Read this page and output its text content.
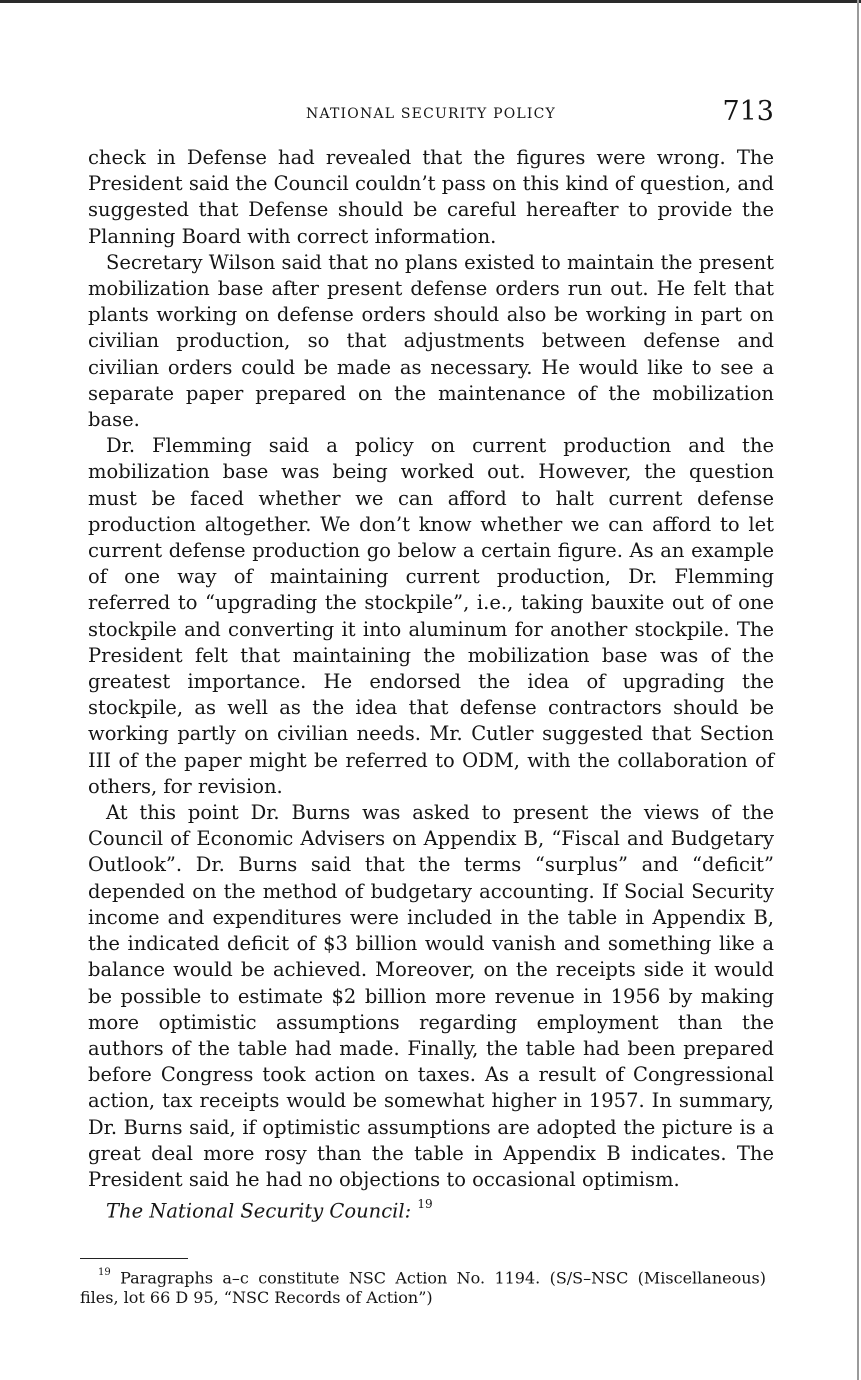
NATIONAL SECURITY POLICY	713

check in Defense had revealed that the figures were wrong. The President said the Council couldn’t pass on this kind of question, and suggested that Defense should be careful hereafter to provide the Planning Board with correct information.

Secretary Wilson said that no plans existed to maintain the present mobilization base after present defense orders run out. He felt that plants working on defense orders should also be working in part on civilian production, so that adjustments between defense and civilian orders could be made as necessary. He would like to see a separate paper prepared on the maintenance of the mobilization base.

Dr. Flemming said a policy on current production and the mobilization base was being worked out. However, the question must be faced whether we can afford to halt current defense production altogether. We don’t know whether we can afford to let current defense production go below a certain figure. As an example of one way of maintaining current production, Dr. Flemming referred to “upgrading the stockpile”, i.e., taking bauxite out of one stockpile and converting it into aluminum for another stockpile. The President felt that maintaining the mobilization base was of the greatest importance. He endorsed the idea of upgrading the stockpile, as well as the idea that defense contractors should be working partly on civilian needs. Mr. Cutler suggested that Section III of the paper might be referred to ODM, with the collaboration of others, for revision.

At this point Dr. Burns was asked to present the views of the Council of Economic Advisers on Appendix B, “Fiscal and Budgetary Outlook”. Dr. Burns said that the terms “surplus” and “deficit” depended on the method of budgetary accounting. If Social Security income and expenditures were included in the table in Appendix B, the indicated deficit of $3 billion would vanish and something like a balance would be achieved. Moreover, on the receipts side it would be possible to estimate $2 billion more revenue in 1956 by making more optimistic assumptions regarding employment than the authors of the table had made. Finally, the table had been prepared before Congress took action on taxes. As a result of Congressional action, tax receipts would be somewhat higher in 1957. In summary, Dr. Burns said, if optimistic assumptions are adopted the picture is a great deal more rosy than the table in Appendix B indicates. The President said he had no objections to occasional optimism.

The National Security Council: $^{19}$

$^{19}$ Paragraphs a–c constitute NSC Action No. 1194. (S/S–NSC (Miscellaneous) files, lot 66 D 95, “NSC Records of Action”)
